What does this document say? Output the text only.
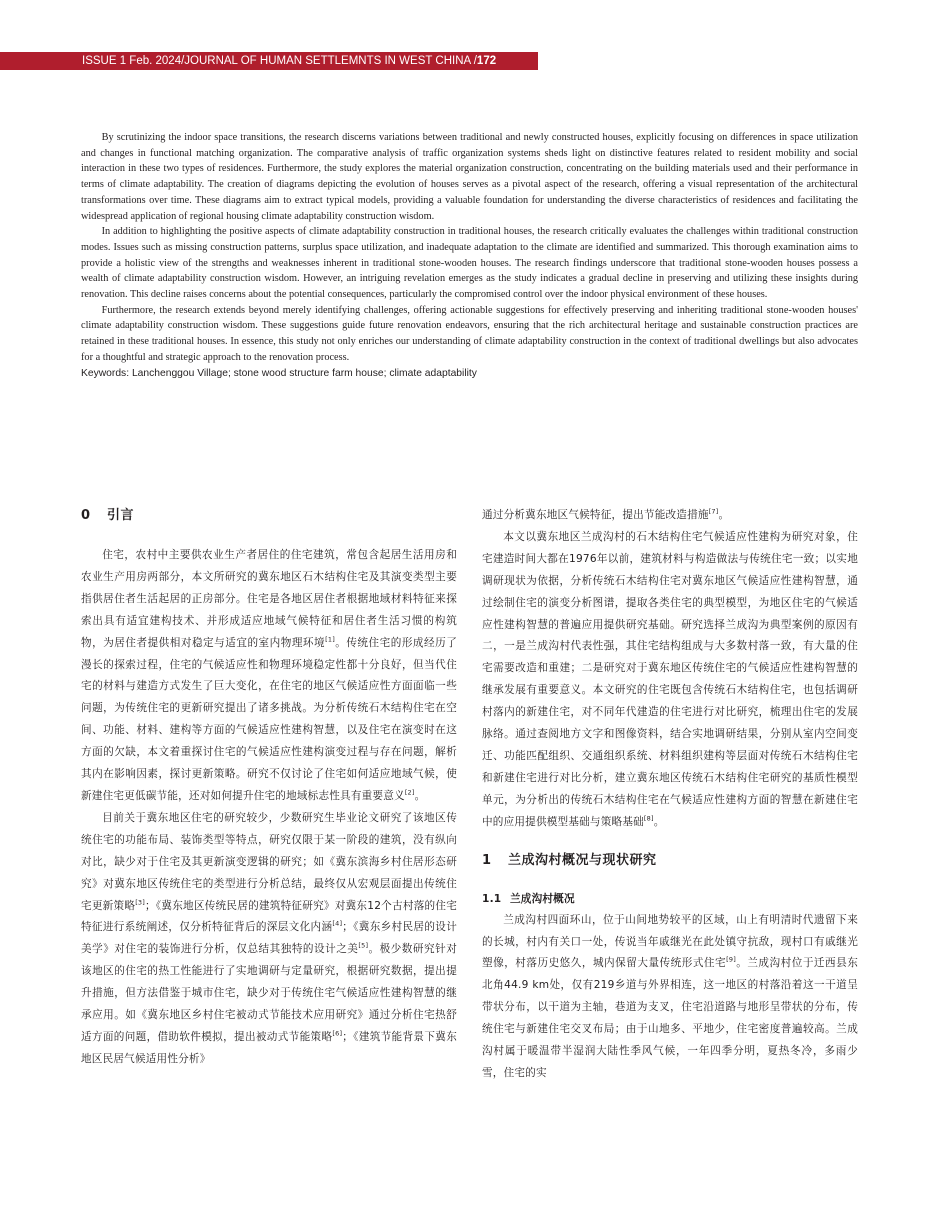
ISSUE 1 Feb. 2024/JOURNAL OF HUMAN SETTLEMNTS IN WEST CHINA /172

By scrutinizing the indoor space transitions, the research discerns variations between traditional and newly constructed houses, explicitly focusing on differences in space utilization and changes in functional matching organization. The comparative analysis of traffic organization systems sheds light on distinctive features related to resident mobility and social interaction in these two types of residences. Furthermore, the study explores the material organization construction, concentrating on the building materials used and their performance in terms of climate adaptability. The creation of diagrams depicting the evolution of houses serves as a pivotal aspect of the research, offering a visual representation of the architectural transformations over time. These diagrams aim to extract typical models, providing a valuable foundation for understanding the diverse characteristics of residences and facilitating the widespread application of regional housing climate adaptability construction wisdom.

In addition to highlighting the positive aspects of climate adaptability construction in traditional houses, the research critically evaluates the challenges within traditional construction modes. Issues such as missing construction patterns, surplus space utilization, and inadequate adaptation to the climate are identified and summarized. This thorough examination aims to provide a holistic view of the strengths and weaknesses inherent in traditional stone-wooden houses. The research findings underscore that traditional stone-wooden houses possess a wealth of climate adaptability construction wisdom. However, an intriguing revelation emerges as the study indicates a gradual decline in preserving and utilizing these insights during renovation. This decline raises concerns about the potential consequences, particularly the compromised control over the indoor physical environment of these houses.

Furthermore, the research extends beyond merely identifying challenges, offering actionable suggestions for effectively preserving and inheriting traditional stone-wooden houses' climate adaptability construction wisdom. These suggestions guide future renovation endeavors, ensuring that the rich architectural heritage and sustainable construction practices are retained in these traditional houses. In essence, this study not only enriches our understanding of climate adaptability construction in the context of traditional dwellings but also advocates for a thoughtful and strategic approach to the renovation process.

Keywords: Lanchenggou Village; stone wood structure farm house; climate adaptability
0 引言

住宅，农村中主要供农业生产者居住的住宅建筑，常包含起居生活用房和农业生产用房两部分，本文所研究的冀东地区石木结构住宅及其演变类型主要指供居住者生活起居的正房部分。住宅是各地区居住者根据地域材料特征来探索出具有适宜建构技术、并形成适应地域气候特征和居住者生活习惯的构筑物，为居住者提供相对稳定与适宜的室内物理环境[1]。传统住宅的形成经历了漫长的探索过程，住宅的气候适应性和物理环境稳定性都十分良好，但当代住宅的材料与建造方式发生了巨大变化，在住宅的地区气候适应性方面面临一些问题，为传统住宅的更新研究提出了诸多挑战。为分析传统石木结构住宅在空间、功能、材料、建构等方面的气候适应性建构智慧，以及住宅在演变时在这方面的欠缺，本文着重探讨住宅的气候适应性建构演变过程与存在问题，解析其内在影响因素，探讨更新策略。研究不仅讨论了住宅如何适应地域气候，使新建住宅更低碳节能，还对如何提升住宅的地域标志性具有重要意义[2]。

目前关于冀东地区住宅的研究较少，少数研究生毕业论文研究了该地区传统住宅的功能布局、装饰类型等特点，研究仅限于某一阶段的建筑，没有纵向对比，缺少对于住宅及其更新演变逻辑的研究；如《冀东滨海乡村住居形态研究》对冀东地区传统住宅的类型进行分析总结，最终仅从宏观层面提出传统住宅更新策略[3]；《冀东地区传统民居的建筑特征研究》对冀东12个古村落的住宅特征进行系统阐述，仅分析特征背后的深层文化内涵[4]；《冀东乡村民居的设计美学》对住宅的装饰进行分析，仅总结其独特的设计之美[5]。极少数研究针对该地区的住宅的热工性能进行了实地调研与定量研究，根据研究数据，提出提升措施，但方法借鉴于城市住宅，缺少对于传统住宅气候适应性建构智慧的继承应用。如《冀东地区乡村住宅被动式节能技术应用研究》通过分析住宅热舒适方面的问题，借助软件模拟，提出被动式节能策略[6]；《建筑节能背景下冀东地区民居气候适用性分析》

通过分析冀东地区气候特征，提出节能改造措施[7]。

本文以冀东地区兰成沟村的石木结构住宅气候适应性建构为研究对象，住宅建造时间大都在1976年以前，建筑材料与构造做法与传统住宅一致；以实地调研现状为依据，分析传统石木结构住宅对冀东地区气候适应性建构智慧，通过绘制住宅的演变分析图谱，提取各类住宅的典型模型，为地区住宅的气候适应性建构智慧的普遍应用提供研究基础。研究选择兰成沟为典型案例的原因有二，一是兰成沟村代表性强，其住宅结构组成与大多数村落一致，有大量的住宅需要改造和重建；二是研究对于冀东地区传统住宅的气候适应性建构智慧的继承发展有重要意义。本文研究的住宅既包含传统石木结构住宅，也包括调研村落内的新建住宅，对不同年代建造的住宅进行对比研究，梳理出住宅的发展脉络。通过查阅地方文字和图像资料，结合实地调研结果，分别从室内空间变迁、功能匹配组织、交通组织系统、材料组织建构等层面对传统石木结构住宅和新建住宅进行对比分析，建立冀东地区传统石木结构住宅研究的基质性模型单元，为分析出的传统石木结构住宅在气候适应性建构方面的智慧在新建住宅中的应用提供模型基础与策略基础[8]。

1 兰成沟村概况与现状研究
1.1 兰成沟村概况

兰成沟村四面环山，位于山间地势较平的区域，山上有明清时代遗留下来的长城，村内有关口一处，传说当年戚继光在此处镇守抗敌，现村口有戚继光塑像，村落历史悠久，城内保留大量传统形式住宅[9]。兰成沟村位于迁西县东北角44.9 km处，仅有219乡道与外界相连，这一地区的村落沿着这一干道呈带状分布，以干道为主轴，巷道为支叉，住宅沿道路与地形呈带状的分布，传统住宅与新建住宅交叉布局；由于山地多、平地少，住宅密度普遍较高。兰成沟村属于暖温带半湿润大陆性季风气候，一年四季分明，夏热冬冷，多雨少雪，住宅的实
